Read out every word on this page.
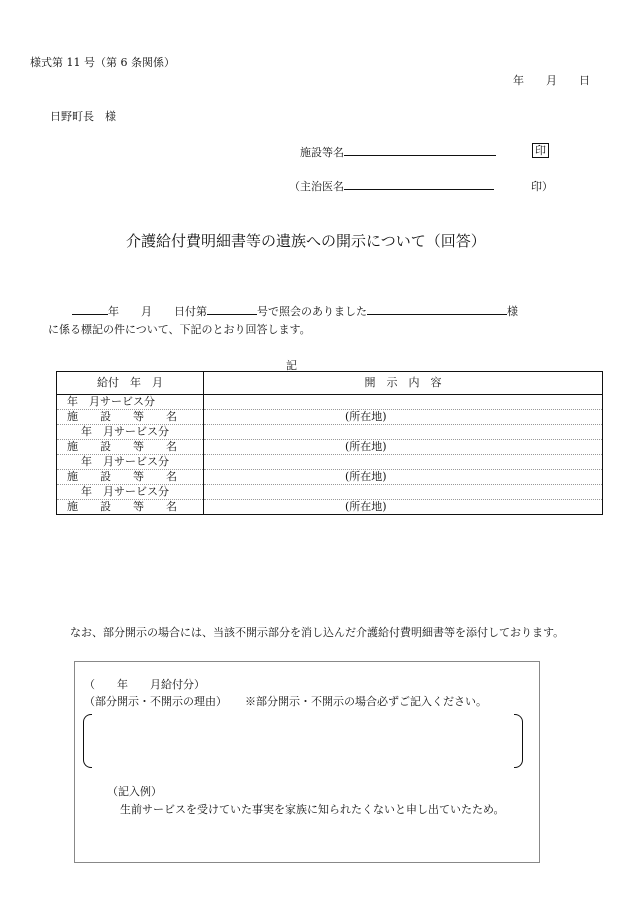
様式第 11 号（第 6 条関係）
年　　月　　日
日野町長　様
施設等名	印
（主治医名	印）
介護給付費明細書等の遺族への開示について（回答）
年　　月　　日付第	号で照会のありました	様
に係る標記の件について、下記のとおり回答します。
記
給付　年　月	開　示　内　容
年　月サービス分	
施　　設　　等　　名	(所在地)
年　月サービス分	
施　　設　　等　　名	(所在地)
年　月サービス分	
施　　設　　等　　名	(所在地)
年　月サービス分	
施　　設　　等　　名	(所在地)
なお、部分開示の場合には、当該不開示部分を消し込んだ介護給付費明細書等を添付しております。
（　　年　　月給付分）
（部分開示・不開示の理由） ※部分開示・不開示の場合必ずご記入ください。
（記入例）
生前サービスを受けていた事実を家族に知られたくないと申し出ていたため。
